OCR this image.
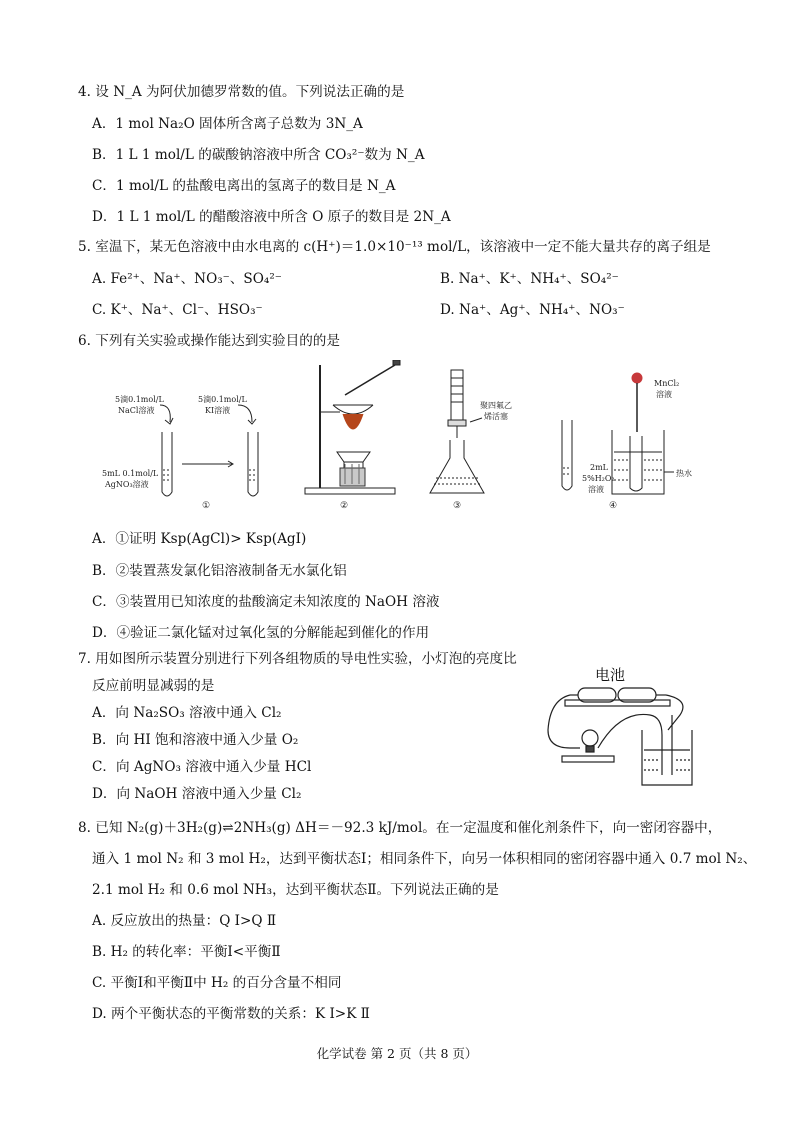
4. 设 N_A 为阿伏加德罗常数的值。下列说法正确的是
A．1 mol Na₂O 固体所含离子总数为 3N_A
B．1 L 1 mol/L 的碳酸钠溶液中所含 CO₃²⁻数为 N_A
C．1 mol/L 的盐酸电离出的氢离子的数目是 N_A
D．1 L 1 mol/L 的醋酸溶液中所含 O 原子的数目是 2N_A
5. 室温下，某无色溶液中由水电离的 c(H⁺)＝1.0×10⁻¹³ mol/L，该溶液中一定不能大量共存的离子组是
A. Fe²⁺、Na⁺、NO₃⁻、SO₄²⁻	B. Na⁺、K⁺、NH₄⁺、SO₄²⁻
C. K⁺、Na⁺、Cl⁻、HSO₃⁻	D. Na⁺、Ag⁺、NH₄⁺、NO₃⁻
6. 下列有关实验或操作能达到实验目的的是
5滴0.1mol/L
NaCl溶液
5mL 0.1mol/L
AgNO₃溶液
5滴0.1mol/L
KI溶液
①	②
聚四氟乙
烯活塞
③
MnCl₂
溶液
热水
2mL
5%H₂O₂
溶液
④
A．①证明 Ksp(AgCl)> Ksp(AgI)
B．②装置蒸发氯化铝溶液制备无水氯化铝
C．③装置用已知浓度的盐酸滴定未知浓度的 NaOH 溶液
D．④验证二氯化锰对过氧化氢的分解能起到催化的作用
7. 用如图所示装置分别进行下列各组物质的导电性实验，小灯泡的亮度比
反应前明显减弱的是
A．向 Na₂SO₃ 溶液中通入 Cl₂
B．向 HI 饱和溶液中通入少量 O₂
C．向 AgNO₃ 溶液中通入少量 HCl
D．向 NaOH 溶液中通入少量 Cl₂
电池
8. 已知 N₂(g)＋3H₂(g)⇌2NH₃(g) ΔH＝－92.3 kJ/mol。在一定温度和催化剂条件下，向一密闭容器中，
通入 1 mol N₂ 和 3 mol H₂，达到平衡状态Ⅰ；相同条件下，向另一体积相同的密闭容器中通入 0.7 mol N₂、
2.1 mol H₂ 和 0.6 mol NH₃，达到平衡状态Ⅱ。下列说法正确的是
A. 反应放出的热量：Q Ⅰ>Q Ⅱ
B. H₂ 的转化率：平衡Ⅰ<平衡Ⅱ
C. 平衡Ⅰ和平衡Ⅱ中 H₂ 的百分含量不相同
D. 两个平衡状态的平衡常数的关系：K Ⅰ>K Ⅱ
化学试卷 第 2 页（共 8 页）
